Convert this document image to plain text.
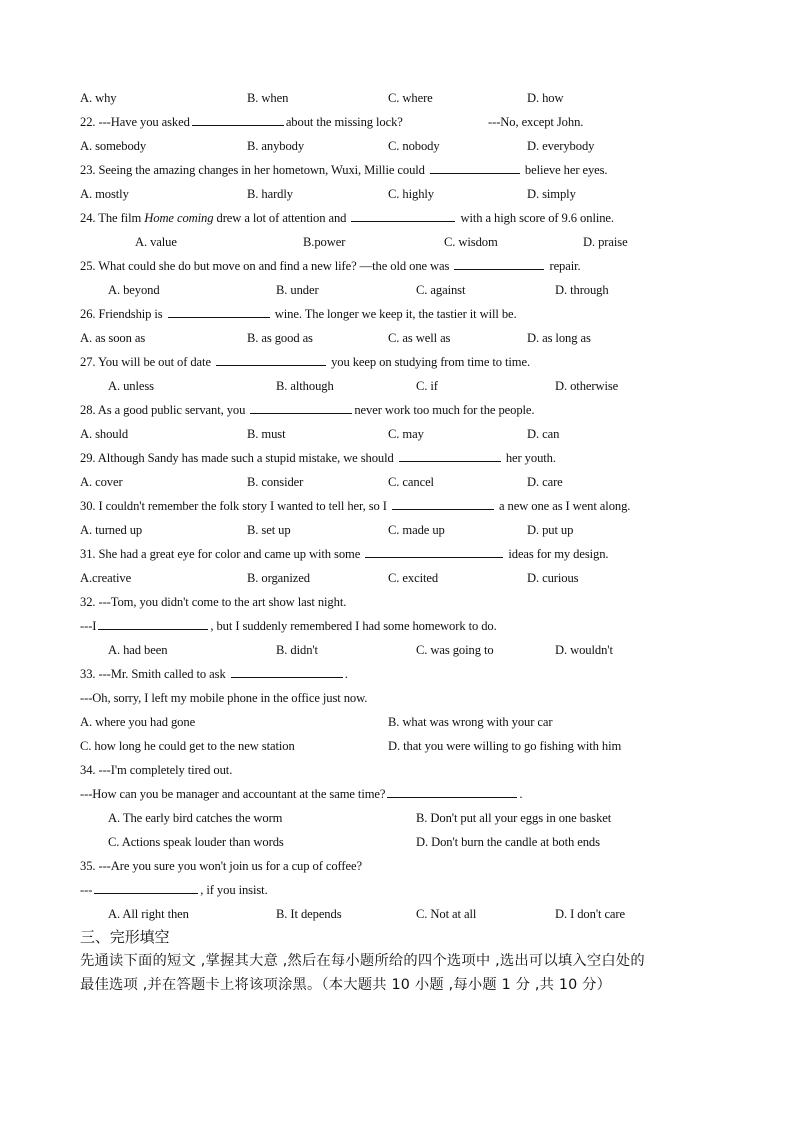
A. why	B. when	C. where	D. how
22. ---Have you asked	about the missing lock?	---No, except John.
A. somebody	B. anybody	C. nobody	D. everybody
23. Seeing the amazing changes in her hometown, Wuxi, Millie could	believe her eyes.
A. mostly	B. hardly	C. highly	D. simply
24. The film Home coming drew a lot of attention and	with a high score of 9.6 online.
A. value	B.power	C. wisdom	D. praise
25. What could she do but move on and find a new life? —the old one was	repair.
A. beyond	B. under	C. against	D. through
26. Friendship is	wine. The longer we keep it, the tastier it will be.
A. as soon as	B. as good as	C. as well as	D. as long as
27. You will be out of date	you keep on studying from time to time.
A. unless	B. although	C. if	D. otherwise
28. As a good public servant, you	never work too much for the people.
A. should	B. must	C. may	D. can
29. Although Sandy has made such a stupid mistake, we should	her youth.
A. cover	B. consider	C. cancel	D. care
30. I couldn't remember the folk story I wanted to tell her, so I	a new one as I went along.
A. turned up	B. set up	C. made up	D. put up
31. She had a great eye for color and came up with some	ideas for my design.
A.creative	B. organized	C. excited	D. curious
32. ---Tom, you didn't come to the art show last night.
---I	, but I suddenly remembered I had some homework to do.
A. had been	B. didn't	C. was going to	D. wouldn't
33. ---Mr. Smith called to ask	.
---Oh, sorry, I left my mobile phone in the office just now.
A. where you had gone	B. what was wrong with your car
C. how long he could get to the new station	D. that you were willing to go fishing with him
34. ---I'm completely tired out.
---How can you be manager and accountant at the same time?	.
A. The early bird catches the worm	B. Don't put all your eggs in one basket
C. Actions speak louder than words	D. Don't burn the candle at both ends
35. ---Are you sure you won't join us for a cup of coffee?
---	, if you insist.
A. All right then	B. It depends	C. Not at all	D. I don't care
三、完形填空
先通读下面的短文 ,掌握其大意 ,然后在每小题所给的四个选项中 ,选出可以填入空白处的
最佳选项 ,并在答题卡上将该项涂黑。（本大题共 10 小题 ,每小题 1 分 ,共 10 分）
